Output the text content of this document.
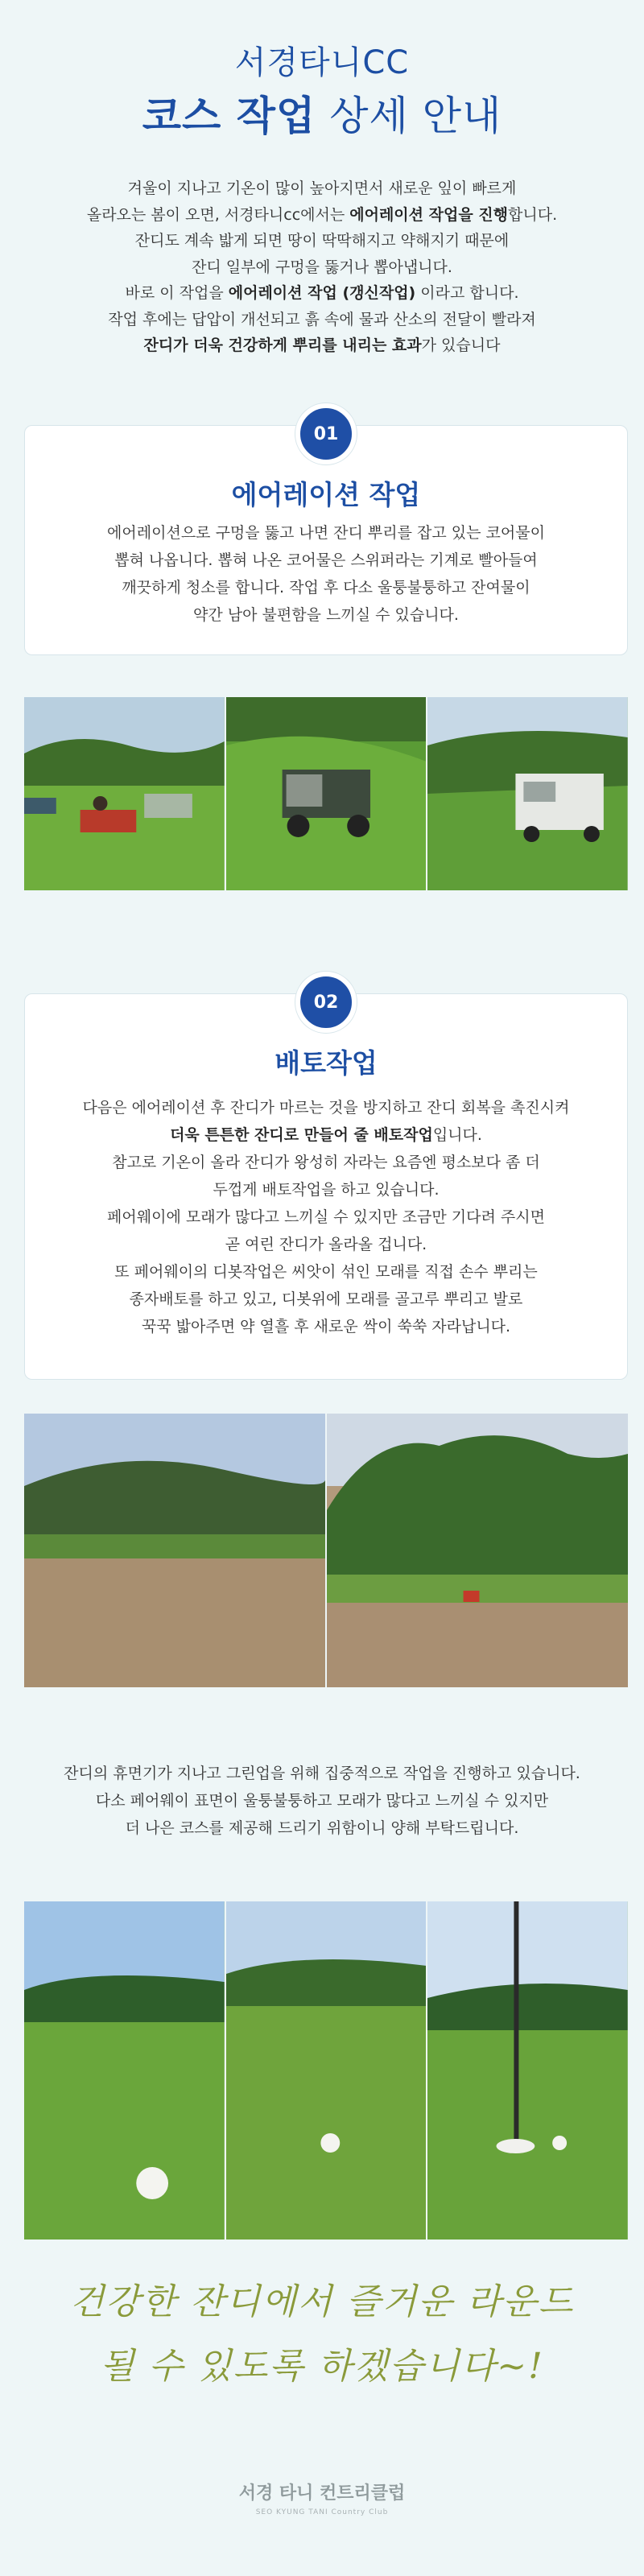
서경타니CC
코스 작업 상세 안내
겨울이 지나고 기온이 많이 높아지면서 새로운 잎이 빠르게
올라오는 봄이 오면, 서경타니cc에서는 에어레이션 작업을 진행합니다.
잔디도 계속 밟게 되면 땅이 딱딱해지고 약해지기 때문에
잔디 일부에 구멍을 뚫거나 뽑아냅니다.
바로 이 작업을 에어레이션 작업 (갱신작업) 이라고 합니다.
작업 후에는 답압이 개선되고 흙 속에 물과 산소의 전달이 빨라져
잔디가 더욱 건강하게 뿌리를 내리는 효과가 있습니다
01
에어레이션 작업
에어레이션으로 구멍을 뚫고 나면 잔디 뿌리를 잡고 있는 코어물이
뽑혀 나옵니다. 뽑혀 나온 코어물은 스위퍼라는 기계로 빨아들여
깨끗하게 청소를 합니다. 작업 후 다소 울퉁불퉁하고 잔여물이
약간 남아 불편함을 느끼실 수 있습니다.
02
배토작업
다음은 에어레이션 후 잔디가 마르는 것을 방지하고 잔디 회복을 촉진시켜
더욱 튼튼한 잔디로 만들어 줄 배토작업입니다.
참고로 기온이 올라 잔디가 왕성히 자라는 요즘엔 평소보다 좀 더
두껍게 배토작업을 하고 있습니다.
페어웨이에 모래가 많다고 느끼실 수 있지만 조금만 기다려 주시면
곧 여린 잔디가 올라올 겁니다.
또 페어웨이의 디봇작업은 씨앗이 섞인 모래를 직접 손수 뿌리는
종자배토를 하고 있고, 디봇위에 모래를 골고루 뿌리고 발로
꾹꾹 밟아주면 약 열흘 후 새로운 싹이 쑥쑥 자라납니다.
잔디의 휴면기가 지나고 그린업을 위해 집중적으로 작업을 진행하고 있습니다.
다소 페어웨이 표면이 울퉁불퉁하고 모래가 많다고 느끼실 수 있지만
더 나은 코스를 제공해 드리기 위함이니 양해 부탁드립니다.
건강한 잔디에서 즐거운 라운드
될 수 있도록 하겠습니다~!
서경 타니 컨트리클럽
SEO KYUNG TANI Country Club
